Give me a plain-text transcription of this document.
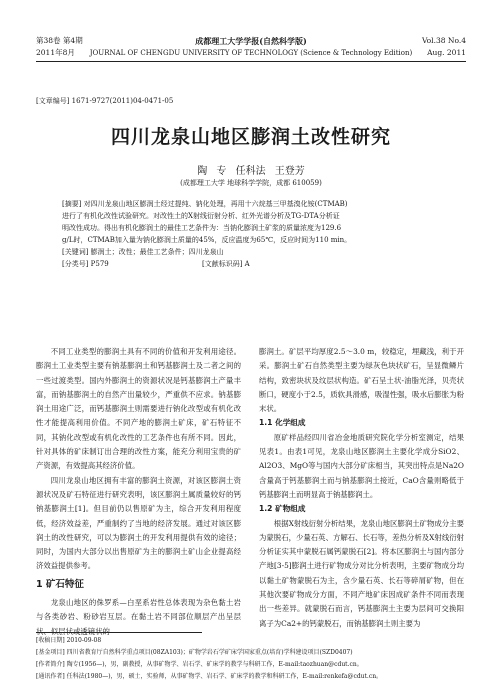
第38卷 第4期	成都理工大学学报(自然科学版)	Vol.38 No.4
2011年8月	JOURNAL OF CHENGDU UNIVERSITY OF TECHNOLOGY (Science & Technology Edition)	Aug. 2011
[文章编号] 1671-9727(2011)04-0471-05
四川龙泉山地区膨润土改性研究
陶 专 任科法 王登芳
(成都理工大学 地球科学学院，成都 610059)
[摘要] 对四川龙泉山地区膨润土经过提纯、钠化处理，再用十六烷基三甲基溴化铵(CTMAB)
进行了有机化改性试验研究。对改性土的X射线衍射分析、红外光谱分析及TG-DTA分析证
明改性成功。得出有机化膨润土的最佳工艺条件为：当钠化膨润土矿浆的质量浓度为129.6
g/L时，CTMAB加入量为钠化膨润土质量的45%，反应温度为65℃，反应时间为110 min。
[关键词] 膨润土；改性；最佳工艺条件；四川龙泉山
[分类号] P579	[文献标识码] A

不同工业类型的膨润土具有不同的价值和开发利用途径。膨润土工业类型主要有钠基膨润土和钙基膨润土及二者之间的一些过渡类型。国内外膨润土的资源状况是钙基膨润土产量丰富，而钠基膨润土的自然产出量较少，严重供不应求。钠基膨润土用途广泛，而钙基膨润土则需要进行钠化改型或有机化改性才能提高利用价值。不同产地的膨润土矿床，矿石特征不同，其钠化改型或有机化改性的工艺条件也有所不同。因此，针对具体的矿床制订出合理的改性方案，能充分利用宝贵的矿产资源，有效提高其经济价值。

四川龙泉山地区拥有丰富的膨润土资源，对该区膨润土资源状况及矿石特征进行研究表明，该区膨润土属质量较好的钙钠基膨润土[1]。但目前仍以售原矿为主，综合开发利用程度低，经济效益差，严重制约了当地的经济发展。通过对该区膨润土的改性研究，可以为膨润土的开发利用提供有效的途径；同时，为国内大部分以出售原矿为主的膨润土矿山企业提高经济效益提供参考。

1 矿石特征

龙泉山地区的侏罗系—白垩系岩性总体表现为杂色黏土岩与各类砂岩、粉砂岩互层。在黏土岩不同部位顺层产出呈层状、似层状或透镜状的

膨润土。矿层平均厚度2.5～3.0 m，较稳定，埋藏浅，利于开采。膨润土矿石自然类型主要为绿灰色块状矿石，呈显微鳞片结构，致密块状及纹层状构造。矿石呈土状-油脂光泽，贝壳状断口，硬度小于2.5，质软具滑感，吸湿性强，吸水后膨胀为粉末状。

1.1 化学组成

原矿样品经四川省冶金地质研究院化学分析室测定，结果见表1。由表1可见，龙泉山地区膨润土主要化学成分SiO2、Al2O3、MgO等与国内大部分矿床相当，其突出特点是Na2O含量高于钙基膨润土而与钠基膨润土接近，CaO含量则略低于钙基膨润土而明显高于钠基膨润土。

1.2 矿物组成

根据X射线衍射分析结果，龙泉山地区膨润土矿物成分主要为蒙脱石，少量石英、方解石、长石等，差热分析及X射线衍射分析证实其中蒙脱石属钙蒙脱石[2]。将本区膨润土与国内部分产地[3-5]膨润土进行矿物成分对比分析表明，主要矿物成分均以黏土矿物蒙脱石为主，含少量石英、长石等碎屑矿物，但在其他次要矿物成分方面，不同产地矿床因成矿条件不同而表现出一些差异。就蒙脱石而言，钙基膨润土主要为层间可交换阳离子为Ca2+的钙蒙脱石，而钠基膨润土则主要为

[收稿日期] 2010-09-08
[基金项目] 四川省教育厅自然科学重点项目(08ZA103)；矿物学岩石学矿床学国家重点(培育)学科建设项目(SZD0407)
[作者简介] 陶专(1956—)，男，副教授，从事矿物学、岩石学、矿床学的教学与科研工作，E-mail:taozhuan@cdut.cn。
[通讯作者] 任科法(1980—)，男，硕士，实验师，从事矿物学、岩石学、矿床学的教学和科研工作，E-mail:renkefa@cdut.cn。
